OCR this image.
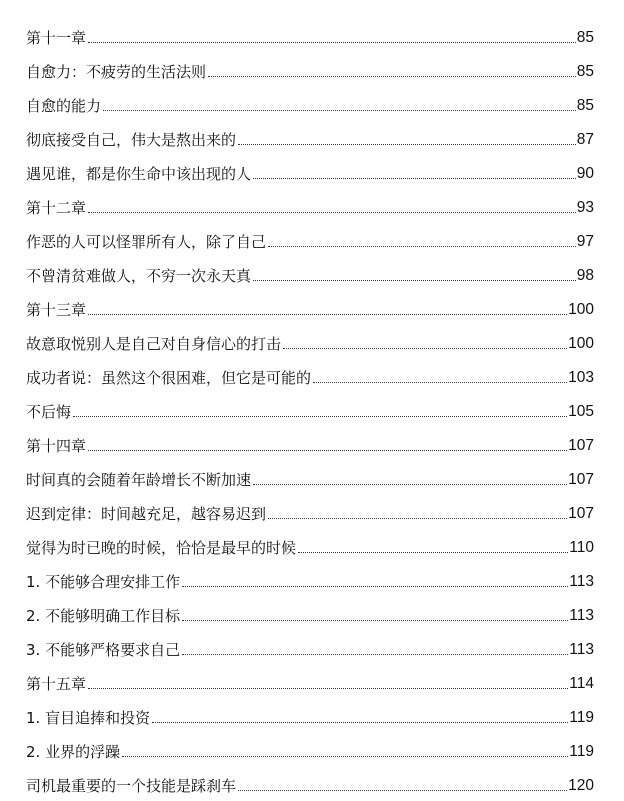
第十一章	85
自愈力：不疲劳的生活法则	85
自愈的能力	85
彻底接受自己，伟大是熬出来的	87
遇见谁，都是你生命中该出现的人	90
第十二章	93
作恶的人可以怪罪所有人，除了自己	97
不曾清贫难做人，不穷一次永天真	98
第十三章	100
故意取悦别人是自己对自身信心的打击	100
成功者说：虽然这个很困难，但它是可能的	103
不后悔	105
第十四章	107
时间真的会随着年龄增长不断加速	107
迟到定律：时间越充足，越容易迟到	107
觉得为时已晚的时候，恰恰是最早的时候	110
1. 不能够合理安排工作	113
2. 不能够明确工作目标	113
3. 不能够严格要求自己	113
第十五章	114
1. 盲目追捧和投资	119
2. 业界的浮躁	119
司机最重要的一个技能是踩刹车	120
